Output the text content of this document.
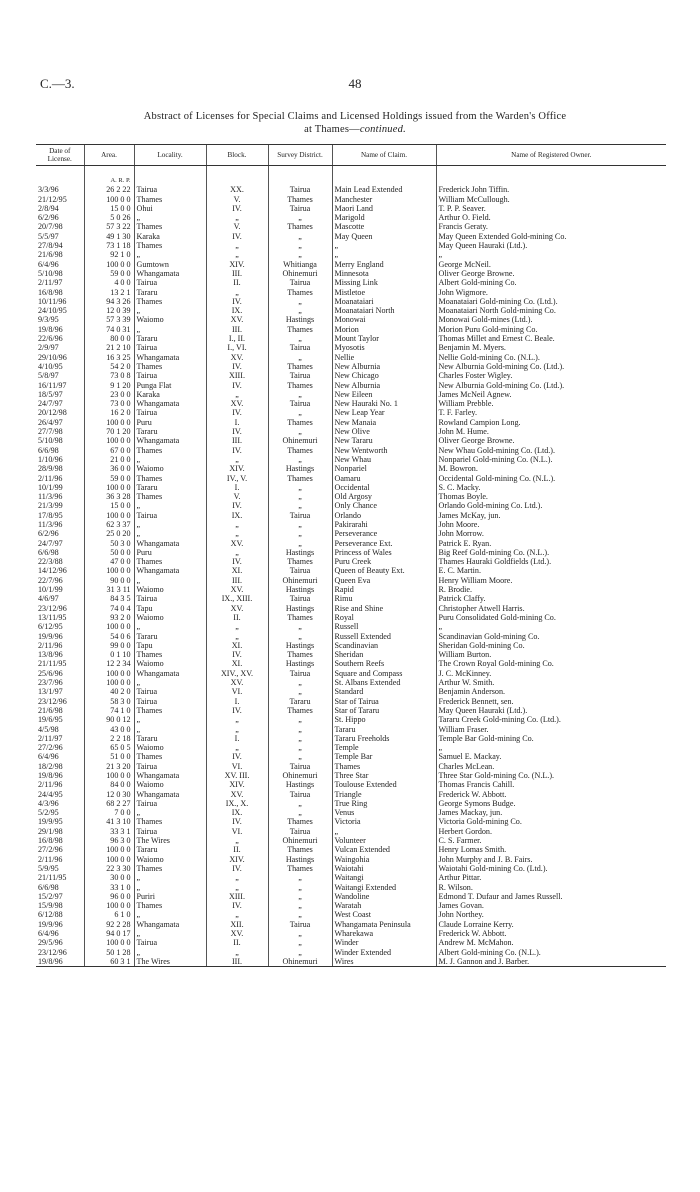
C.—3.	48
Abstract of Licenses for Special Claims and Licensed Holdings issued from the Warden's Office
at Thames—continued.
Date of License.	Area.	Locality.	Block.	Survey District.	Name of Claim.	Name of Registered Owner.
	A. R. P.					
3/3/96	26 2 22	Tairua	XX.	Tairua	Main Lead Extended	Frederick John Tiffin.
21/12/95	100 0 0	Thames	V.	Thames	Manchester	William McCullough.
2/8/94	15 0 0	Ohui	IV.	Tairua	Maori Land	T. P. P. Seaver.
6/2/96	5 0 26	„	„	„	Marigold	Arthur O. Field.
20/7/98	57 3 22	Thames	V.	Thames	Mascotte	Francis Geraty.
5/5/97	49 1 30	Karaka	IV.	„	May Queen	May Queen Extended Gold-mining Co.
27/8/94	73 1 18	Thames	„	„	„	May Queen Hauraki (Ltd.).
21/6/98	92 1 0	„	„	„	„	„
6/4/96	100 0 0	Gumtown	XIV.	Whitianga	Merry England	George McNeil.
5/10/98	59 0 0	Whangamata	III.	Ohinemuri	Minnesota	Oliver George Browne.
2/11/97	4 0 0	Tairua	II.	Tairua	Missing Link	Albert Gold-mining Co.
16/8/98	13 2 1	Tararu	„	Thames	Mistletoe	John Wigmore.
10/11/96	94 3 26	Thames	IV.	„	Moanataiari	Moanataiari Gold-mining Co. (Ltd.).
24/10/95	12 0 39	„	IX.	„	Moanataiari North	Moanataiari North Gold-mining Co.
9/3/95	57 3 39	Waiomo	XV.	Hastings	Monowai	Monowai Gold-mines (Ltd.).
19/8/96	74 0 31	„	III.	Thames	Morion	Morion Puru Gold-mining Co.
22/6/96	80 0 0	Tararu	I., II.	„	Mount Taylor	Thomas Millet and Ernest C. Beale.
2/9/97	21 2 10	Tairua	I., VI.	Tairua	Myosotis	Benjamin M. Myers.
29/10/96	16 3 25	Whangamata	XV.	„	Nellie	Nellie Gold-mining Co. (N.L.).
4/10/95	54 2 0	Thames	IV.	Thames	New Alburnia	New Alburnia Gold-mining Co. (Ltd.).
5/8/97	73 0 8	Tairua	XIII.	Tairua	New Chicago	Charles Foster Wigley.
16/11/97	9 1 20	Punga Flat	IV.	Thames	New Alburnia	New Alburnia Gold-mining Co. (Ltd.).
18/5/97	23 0 0	Karaka	„	„	New Eileen	James McNeil Agnew.
24/7/97	73 0 0	Whangamata	XV.	Tairua	New Hauraki No. 1	William Prebble.
20/12/98	16 2 0	Tairua	IV.	„	New Leap Year	T. F. Farley.
26/4/97	100 0 0	Puru	I.	Thames	New Manaia	Rowland Campion Long.
27/7/98	70 1 20	Tararu	IV.	„	New Olive	John M. Hume.
5/10/98	100 0 0	Whangamata	III.	Ohinemuri	New Tararu	Oliver George Browne.
6/6/98	67 0 0	Thames	IV.	Thames	New Wentworth	New Whau Gold-mining Co. (Ltd.).
1/10/96	21 0 0	„	„	„	New Whau	Nonpariel Gold-mining Co. (N.L.).
28/9/98	36 0 0	Waiomo	XIV.	Hastings	Nonpariel	M. Bowron.
2/11/96	59 0 0	Thames	IV., V.	Thames	Oamaru	Occidental Gold-mining Co. (N.L.).
10/1/99	100 0 0	Tararu	I.	„	Occidental	S. C. Macky.
11/3/96	36 3 28	Thames	V.	„	Old Argosy	Thomas Boyle.
21/3/99	15 0 0	„	IV.	„	Only Chance	Orlando Gold-mining Co. Ltd.).
17/8/95	100 0 0	Tairua	IX.	Tairua	Orlando	James McKay, jun.
11/3/96	62 3 37	„	„	„	Pakirarahi	John Moore.
6/2/96	25 0 20	„	„	„	Perseverance	John Morrow.
24/7/97	50 3 0	Whangamata	XV.	„	Perseverance Ext.	Patrick E. Ryan.
6/6/98	50 0 0	Puru	„	Hastings	Princess of Wales	Big Reef Gold-mining Co. (N.L.).
22/3/88	47 0 0	Thames	IV.	Thames	Puru Creek	Thames Hauraki Goldfields (Ltd.).
14/12/96	100 0 0	Whangamata	XI.	Tairua	Queen of Beauty Ext.	E. C. Martin.
22/7/96	90 0 0	„	III.	Ohinemuri	Queen Eva	Henry William Moore.
10/1/99	31 3 11	Waiomo	XV.	Hastings	Rapid	R. Brodie.
4/6/97	84 3 5	Tairua	IX., XIII.	Tairua	Rimu	Patrick Claffy.
23/12/96	74 0 4	Tapu	XV.	Hastings	Rise and Shine	Christopher Atwell Harris.
13/11/95	93 2 0	Waiomo	II.	Thames	Royal	Puru Consolidated Gold-mining Co.
6/12/95	100 0 0	„	„	„	Russell	„
19/9/96	54 0 6	Tararu	„	„	Russell Extended	Scandinavian Gold-mining Co.
2/11/96	99 0 0	Tapu	XI.	Hastings	Scandinavian	Sheridan Gold-mining Co.
13/8/96	0 1 10	Thames	IV.	Thames	Sheridan	William Burton.
21/11/95	12 2 34	Waiomo	XI.	Hastings	Southern Reefs	The Crown Royal Gold-mining Co.
25/6/96	100 0 0	Whangamata	XIV., XV.	Tairua	Square and Compass	J. C. McKinney.
23/7/96	100 0 0	„	XV.	„	St. Albans Extended	Arthur W. Smith.
13/1/97	40 2 0	Tairua	VI.	„	Standard	Benjamin Anderson.
23/12/96	58 3 0	Tairua	I.	Tararu	Star of Tairua	Frederick Bennett, sen.
21/6/98	74 1 0	Thames	IV.	Thames	Star of Tararu	May Queen Hauraki (Ltd.).
19/6/95	90 0 12	„	„	„	St. Hippo	Tararu Creek Gold-mining Co. (Ltd.).
4/5/98	43 0 0	„	„	„	Tararu	William Fraser.
2/11/97	2 2 18	Tararu	I.	„	Tararu Freeholds	Temple Bar Gold-mining Co.
27/2/96	65 0 5	Waiomo	„	„	Temple	„
6/4/96	51 0 0	Thames	IV.	„	Temple Bar	Samuel E. Mackay.
18/2/98	21 3 20	Tairua	VI.	Tairua	Thames	Charles McLean.
19/8/96	100 0 0	Whangamata	XV. III.	Ohinemuri	Three Star	Three Star Gold-mining Co. (N.L.).
2/11/96	84 0 0	Waiomo	XIV.	Hastings	Toulouse Extended	Thomas Francis Cahill.
24/4/95	12 0 30	Whangamata	XV.	Tairua	Triangle	Frederick W. Abbott.
4/3/96	68 2 27	Tairua	IX., X.	„	True Ring	George Symons Budge.
5/2/95	7 0 0	„	IX.	„	Venus	James Mackay, jun.
19/9/95	41 3 10	Thames	IV.	Thames	Victoria	Victoria Gold-mining Co.
29/1/98	33 3 1	Tairua	VI.	Tairua	„	Herbert Gordon.
16/8/98	96 3 0	The Wires	„	Ohinemuri	Volunteer	C. S. Farmer.
27/2/96	100 0 0	Tararu	II.	Thames	Vulcan Extended	Henry Lomas Smith.
2/11/96	100 0 0	Waiomo	XIV.	Hastings	Waingohia	John Murphy and J. B. Fairs.
5/9/95	22 3 30	Thames	IV.	Thames	Waiotahi	Waiotahi Gold-mining Co. (Ltd.).
21/11/95	30 0 0	„	„	„	Waitangi	Arthur Pittar.
6/6/98	33 1 0	„	„	„	Waitangi Extended	R. Wilson.
15/2/97	96 0 0	Puriri	XIII.	„	Wandoline	Edmond T. Dufaur and James Russell.
15/9/98	100 0 0	Thames	IV.	„	Waratah	James Govan.
6/12/88	6 1 0	„	„	„	West Coast	John Northey.
19/9/96	92 2 28	Whangamata	XII.	Tairua	Whangamata Peninsula	Claude Lorraine Kerry.
6/4/96	94 0 17	„	XV.	„	Wharekawa	Frederick W. Abbott.
29/5/96	100 0 0	Tairua	II.	„	Winder	Andrew M. McMahon.
23/12/96	50 1 28	„	„	„	Winder Extended	Albert Gold-mining Co. (N.L.).
19/8/96	60 3 1	The Wires	III.	Ohinemuri	Wires	M. J. Gannon and J. Barber.
